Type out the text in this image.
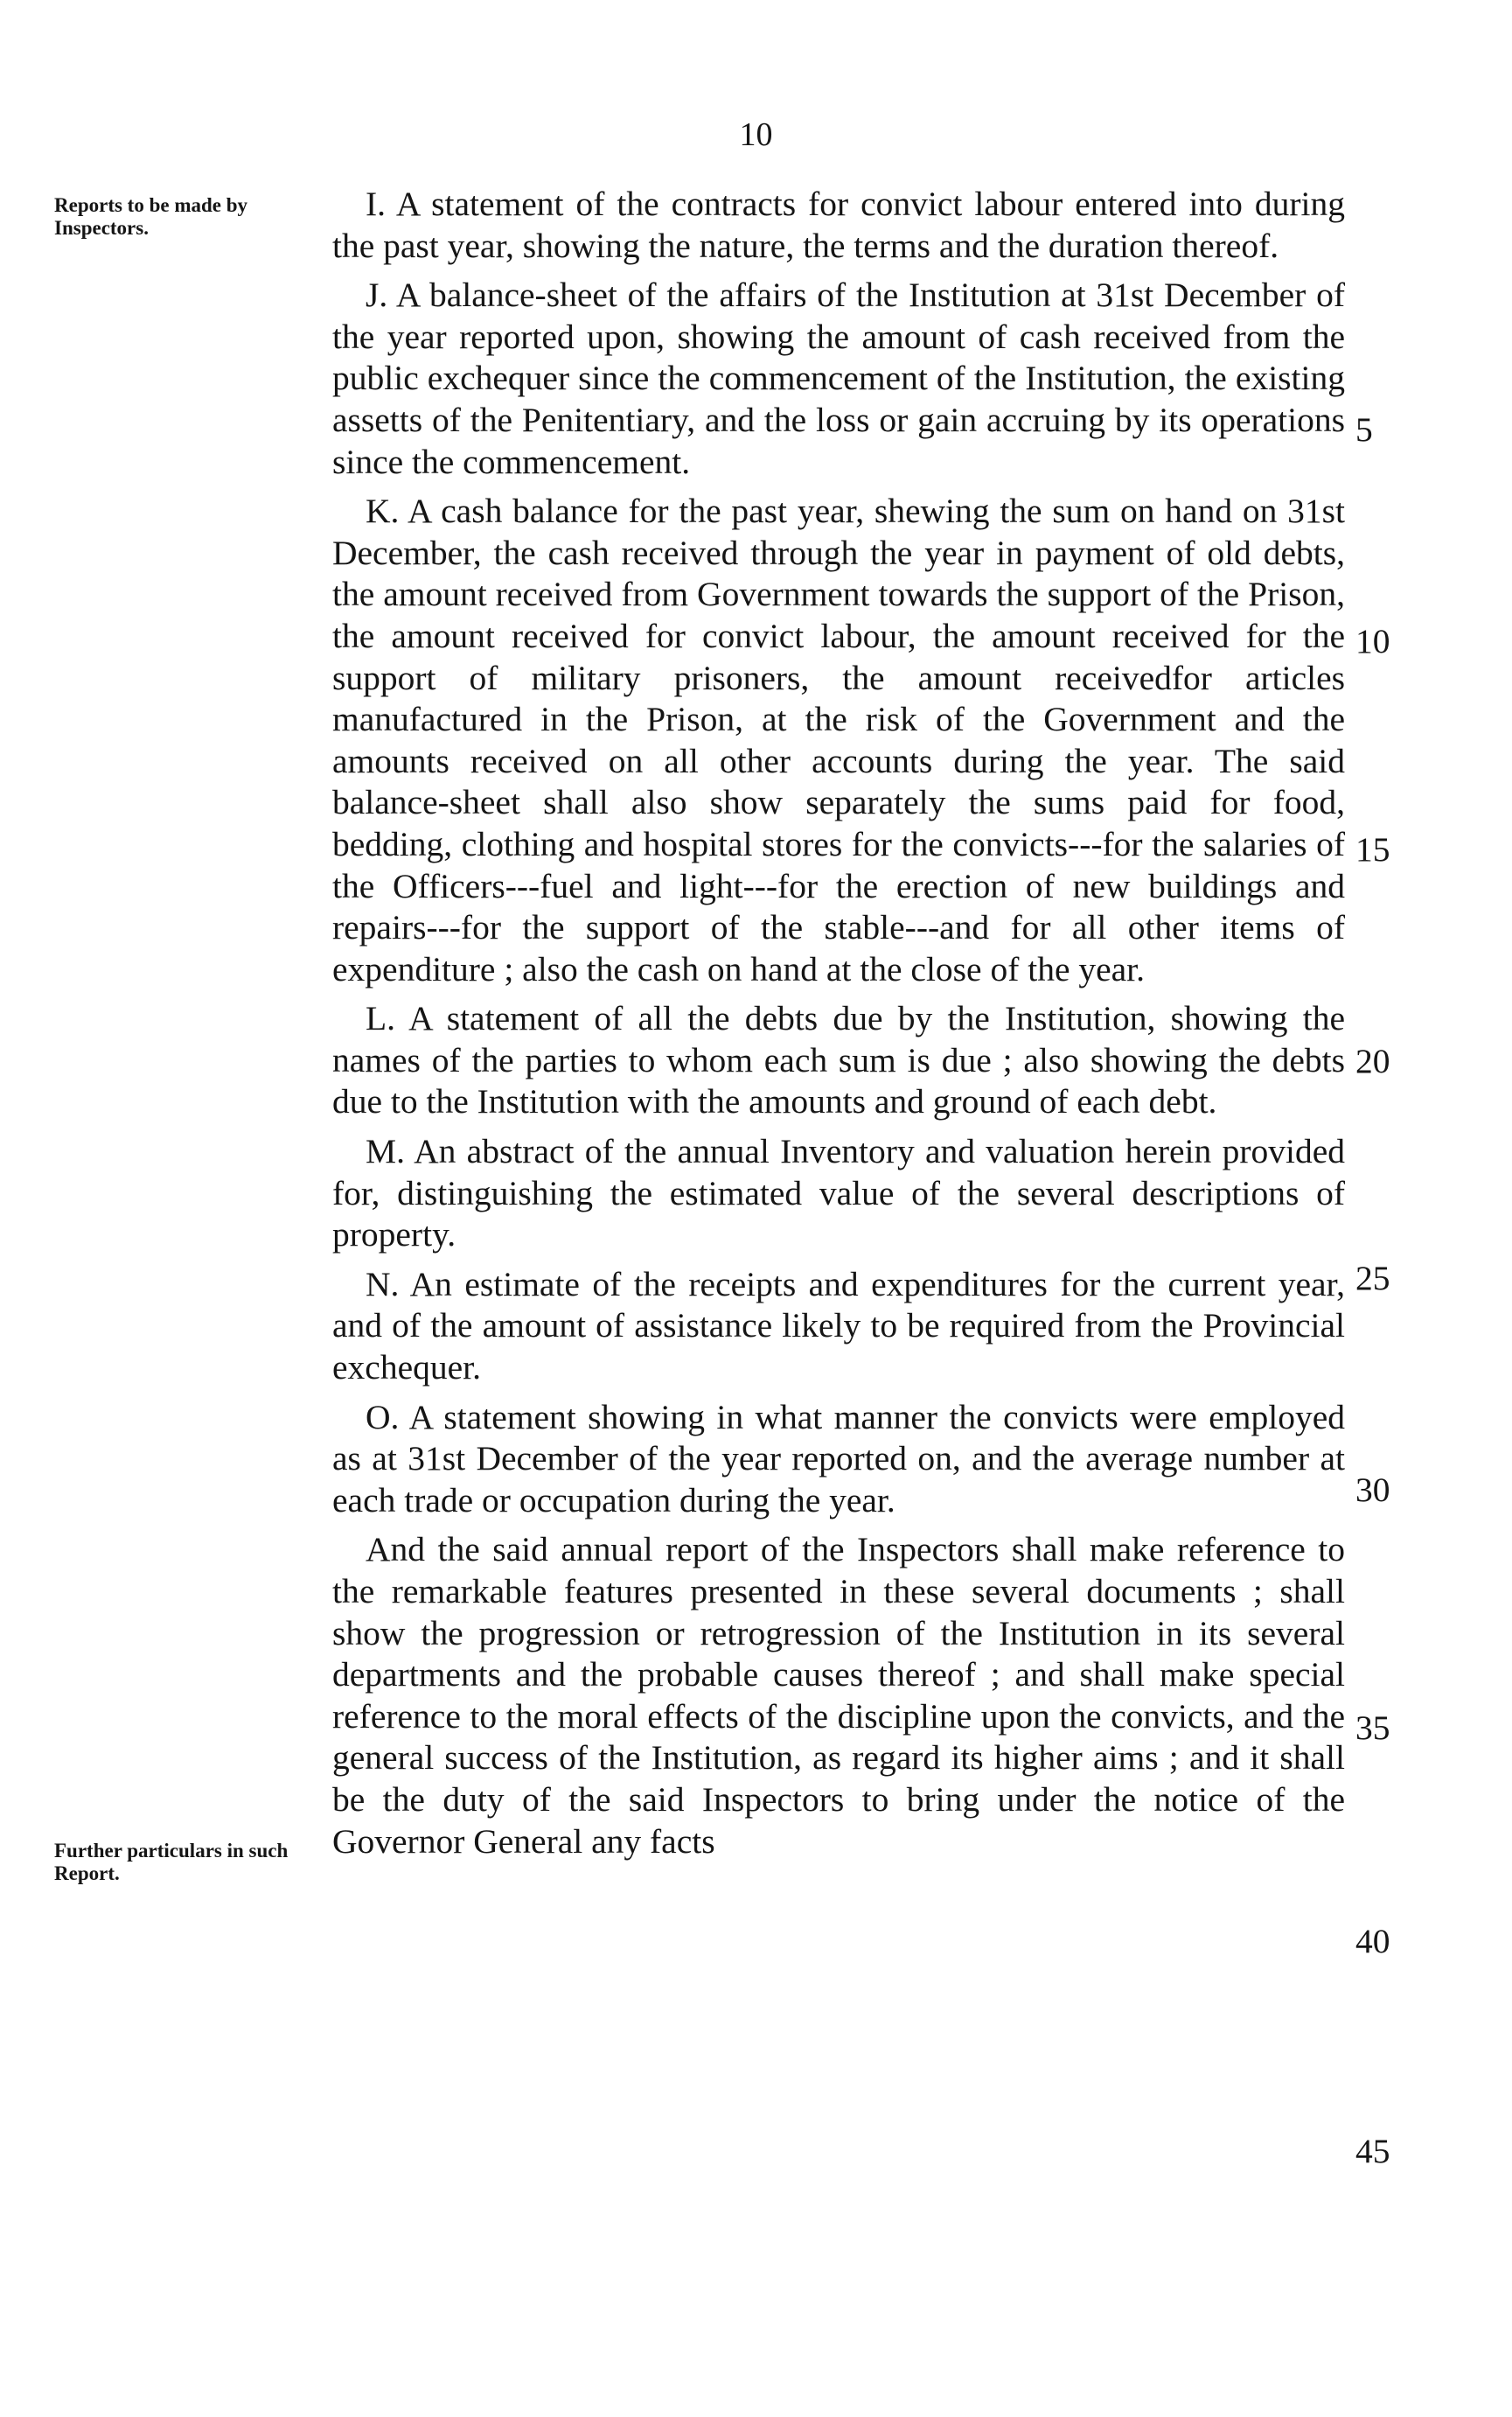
10
Reports to be made by Inspectors.
Further particulars in such Report.

I. A statement of the contracts for convict labour entered into during the past year, showing the nature, the terms and the duration thereof.

J. A balance-sheet of the affairs of the Institution at 31st December of the year reported upon, showing the amount of cash received from the public exchequer since the commencement of the Institution, the existing assetts of the Penitentiary, and the loss or gain accruing by its operations since the commencement.

K. A cash balance for the past year, shewing the sum on hand on 31st December, the cash received through the year in payment of old debts, the amount received from Government towards the support of the Prison, the amount received for convict labour, the amount received for the support of military prisoners, the amount receivedfor articles manufactured in the Prison, at the risk of the Government and the amounts received on all other accounts during the year. The said balance-sheet shall also show separately the sums paid for food, bedding, clothing and hospital stores for the convicts---for the salaries of the Officers---fuel and light---for the erection of new buildings and repairs---for the support of the stable---and for all other items of expenditure ; also the cash on hand at the close of the year.

L. A statement of all the debts due by the Institution, showing the names of the parties to whom each sum is due ; also showing the debts due to the Institution with the amounts and ground of each debt.

M. An abstract of the annual Inventory and valuation herein provided for, distinguishing the estimated value of the several descriptions of property.

N. An estimate of the receipts and expenditures for the current year, and of the amount of assistance likely to be required from the Provincial exchequer.

O. A statement showing in what manner the convicts were employed as at 31st December of the year reported on, and the average number at each trade or occupation during the year.

And the said annual report of the Inspectors shall make reference to the remarkable features presented in these several documents ; shall show the progression or retrogression of the Institution in its several departments and the probable causes thereof ; and shall make special reference to the moral effects of the discipline upon the convicts, and the general success of the Institution, as regard its higher aims ; and it shall be the duty of the said Inspectors to bring under the notice of the Governor General any facts

5
10
15
20
25
30
35
40
45
